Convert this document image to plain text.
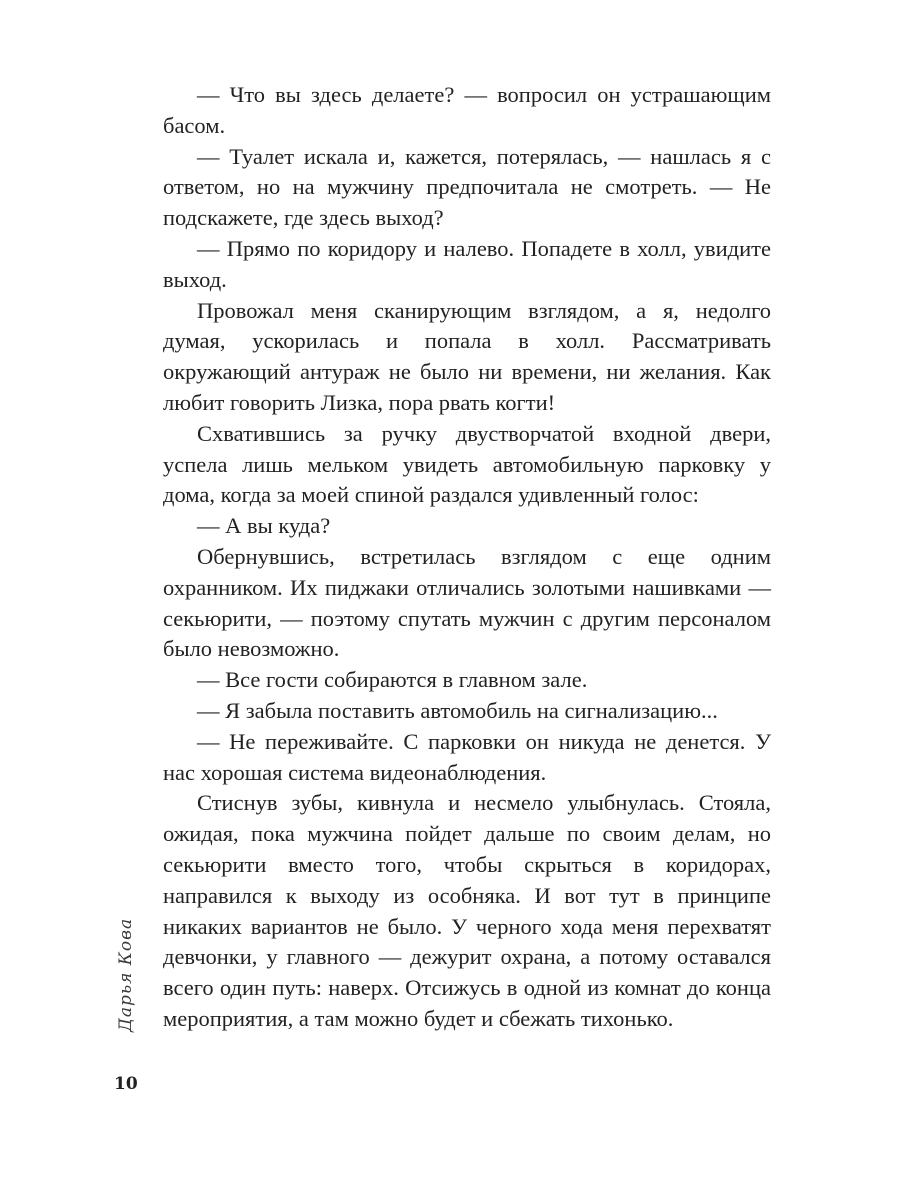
Дарья Кова
10

— Что вы здесь делаете? — вопросил он устрашающим басом.

— Туалет искала и, кажется, потерялась, — нашлась я с ответом, но на мужчину предпочитала не смотреть. — Не подскажете, где здесь выход?

— Прямо по коридору и налево. Попадете в холл, увидите выход.

Провожал меня сканирующим взглядом, а я, недолго думая, ускорилась и попала в холл. Рассматривать окружающий антураж не было ни времени, ни желания. Как любит говорить Лизка, пора рвать когти!

Схватившись за ручку двустворчатой входной двери, успела лишь мельком увидеть автомобильную парковку у дома, когда за моей спиной раздался удивленный голос:

— А вы куда?

Обернувшись, встретилась взглядом с еще одним охранником. Их пиджаки отличались золотыми нашивками — секьюрити, — поэтому спутать мужчин с другим персоналом было невозможно.

— Все гости собираются в главном зале.

— Я забыла поставить автомобиль на сигнализацию...

— Не переживайте. С парковки он никуда не денется. У нас хорошая система видеонаблюдения.

Стиснув зубы, кивнула и несмело улыбнулась. Стояла, ожидая, пока мужчина пойдет дальше по своим делам, но секьюрити вместо того, чтобы скрыться в коридорах, направился к выходу из особняка. И вот тут в принципе никаких вариантов не было. У черного хода меня перехватят девчонки, у главного — дежурит охрана, а потому оставался всего один путь: наверх. Отсижусь в одной из комнат до конца мероприятия, а там можно будет и сбежать тихонько.
